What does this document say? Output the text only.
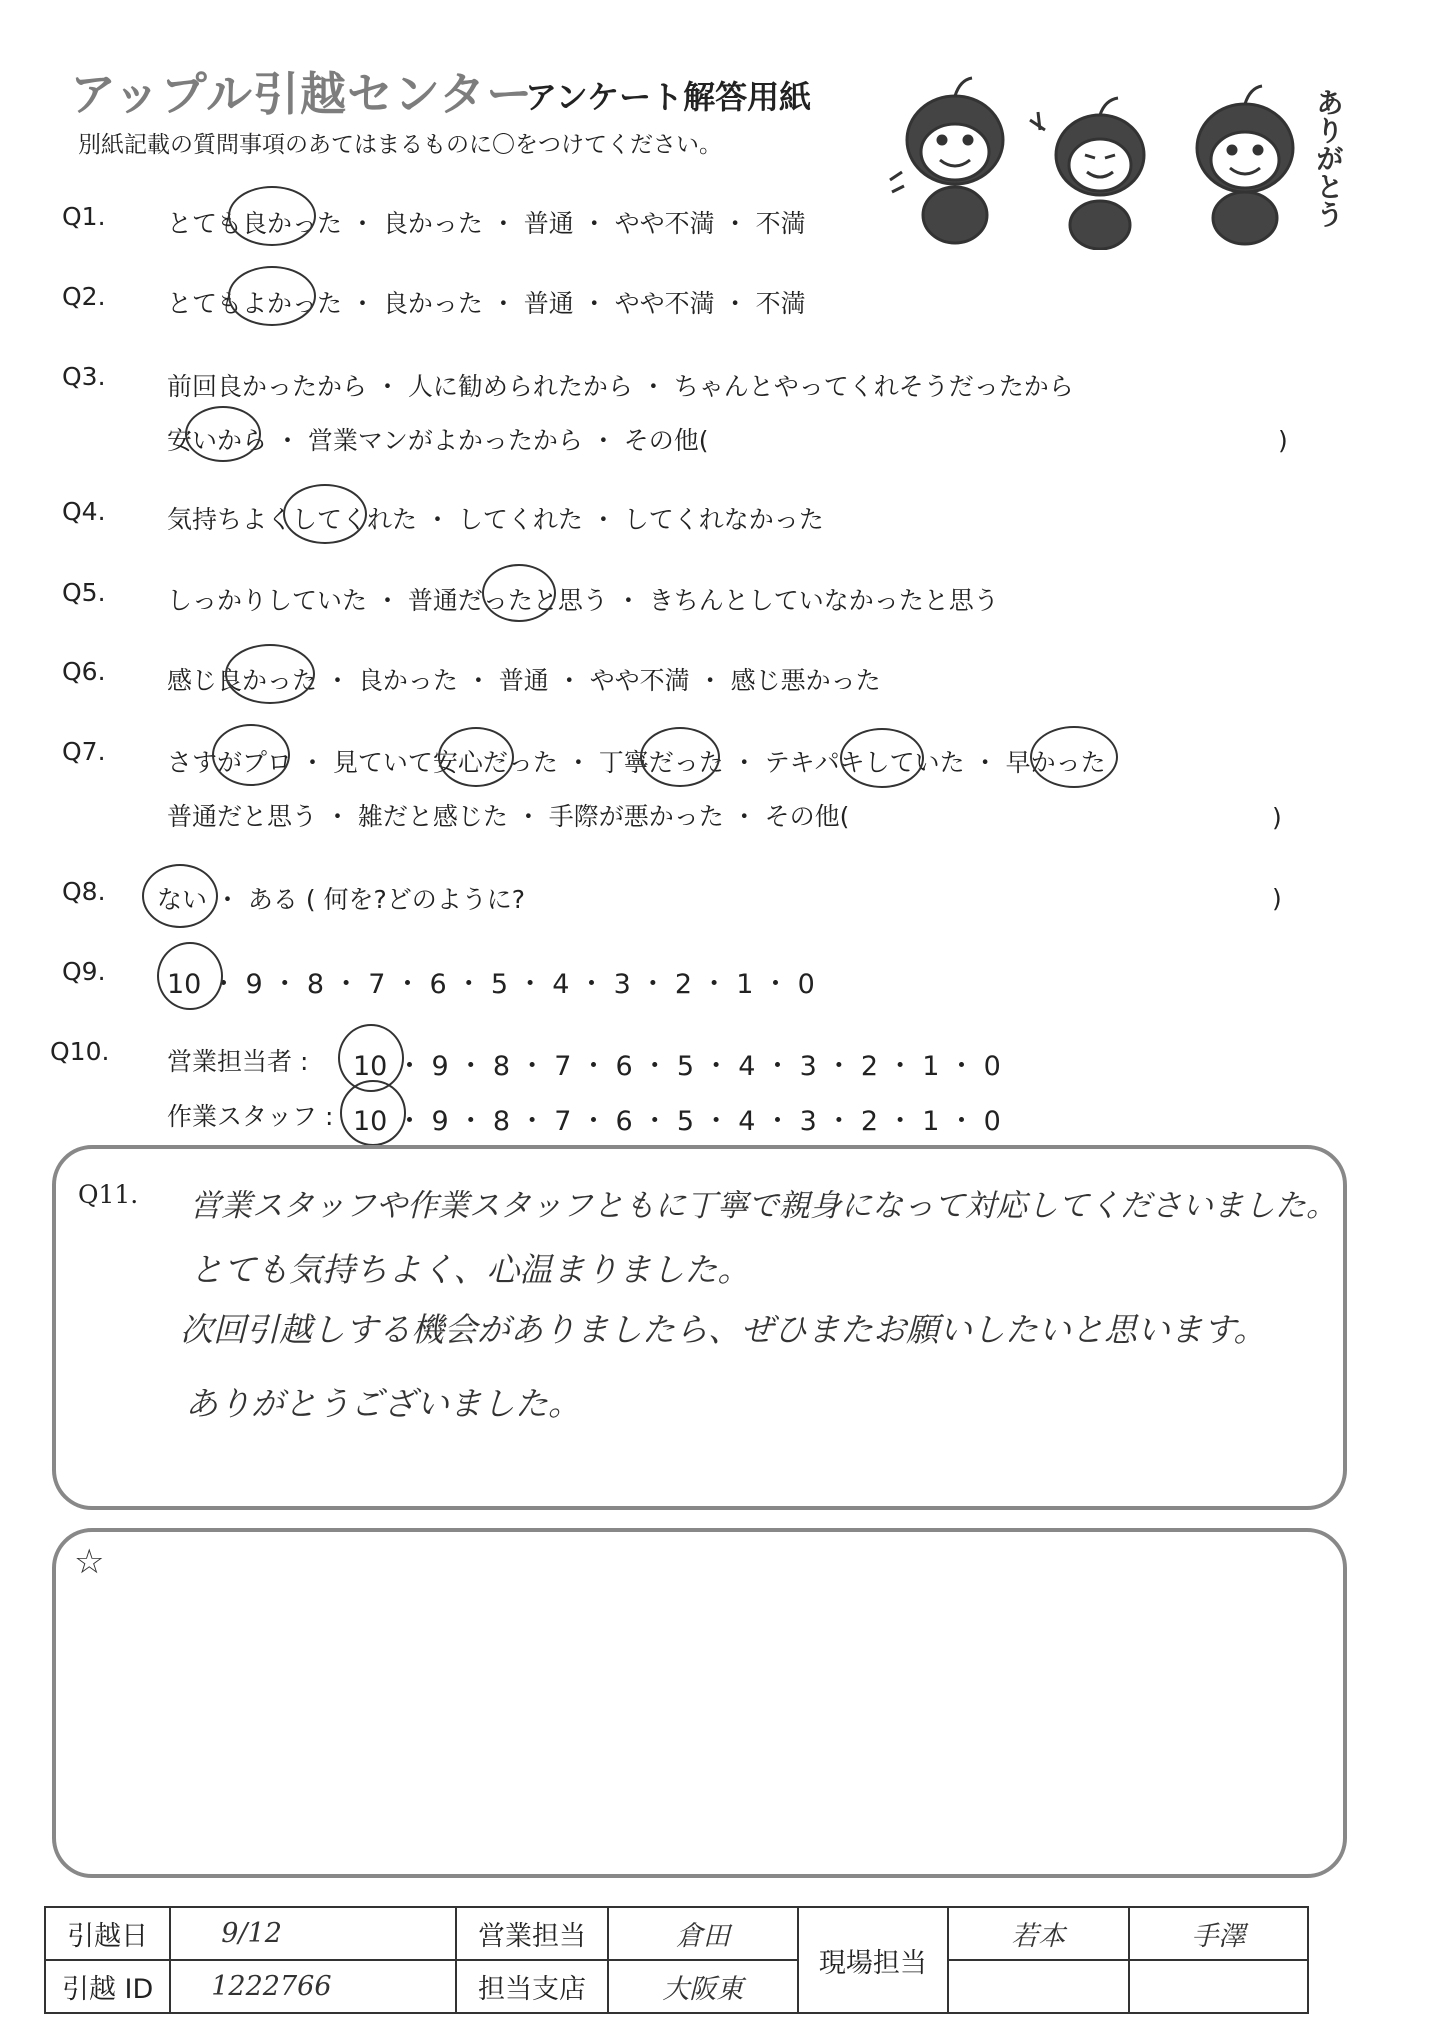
アップル引越センター
アンケート解答用紙
別紙記載の質問事項のあてはまるものに〇をつけてください。	ありがとう
Q1. とても良かった ・ 良かった ・ 普通 ・ やや不満 ・ 不満
Q2. とてもよかった ・ 良かった ・ 普通 ・ やや不満 ・ 不満
Q3. 前回良かったから ・ 人に勧められたから ・ ちゃんとやってくれそうだったから
安いから ・ 営業マンがよかったから ・ その他(	)
Q4. 気持ちよくしてくれた ・ してくれた ・ してくれなかった
Q5. しっかりしていた ・ 普通だったと思う ・ きちんとしていなかったと思う
Q6. 感じ良かった ・ 良かった ・ 普通 ・ やや不満 ・ 感じ悪かった
Q7. さすがプロ ・ 見ていて安心だった ・ 丁寧だった ・ テキパキしていた ・ 早かった
普通だと思う ・ 雑だと感じた ・ 手際が悪かった ・ その他(	)
Q8. ない ・ ある ( 何を?どのように?	)
Q9. 10 ・ 9 ・ 8 ・ 7 ・ 6 ・ 5 ・ 4 ・ 3 ・ 2 ・ 1 ・ 0
Q10. 営業担当者 : 10 ・ 9 ・ 8 ・ 7 ・ 6 ・ 5 ・ 4 ・ 3 ・ 2 ・ 1 ・ 0
作業スタッフ : 10 ・ 9 ・ 8 ・ 7 ・ 6 ・ 5 ・ 4 ・ 3 ・ 2 ・ 1 ・ 0
Q11. 営業スタッフや作業スタッフともに丁寧で親身になって対応してくださいました。
とても気持ちよく、心温まりました。
次回引越しする機会がありましたら、ぜひまたお願いしたいと思います。
ありがとうございました。
☆
引越日	9/12	営業担当	倉田	現場担当	若本	手澤
引越 ID	1222766	担当支店	大阪東			
